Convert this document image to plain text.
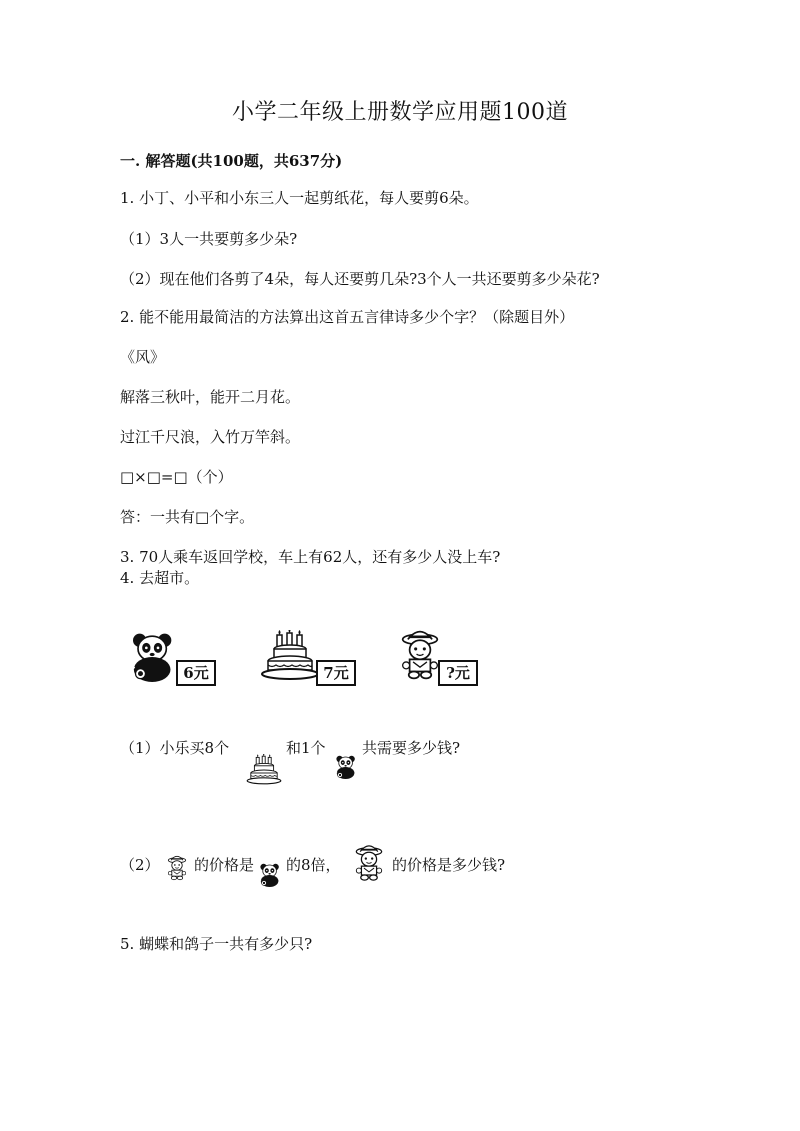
小学二年级上册数学应用题100道
一. 解答题(共100题，共637分)
1. 小丁、小平和小东三人一起剪纸花，每人要剪6朵。
（1）3人一共要剪多少朵?
（2）现在他们各剪了4朵，每人还要剪几朵?3个人一共还要剪多少朵花?
2. 能不能用最简洁的方法算出这首五言律诗多少个字？（除题目外）
《风》
解落三秋叶，能开二月花。
过江千尺浪，入竹万竿斜。
□×□=□（个）
答：一共有□个字。
3. 70人乘车返回学校，车上有62人，还有多少人没上车?
4. 去超市。
6元	7元	?元
（1）小乐买8个	和1个 共需要多少钱?
（2） 的价格是 的8倍，	的价格是多少钱?
5. 蝴蝶和鸽子一共有多少只?
